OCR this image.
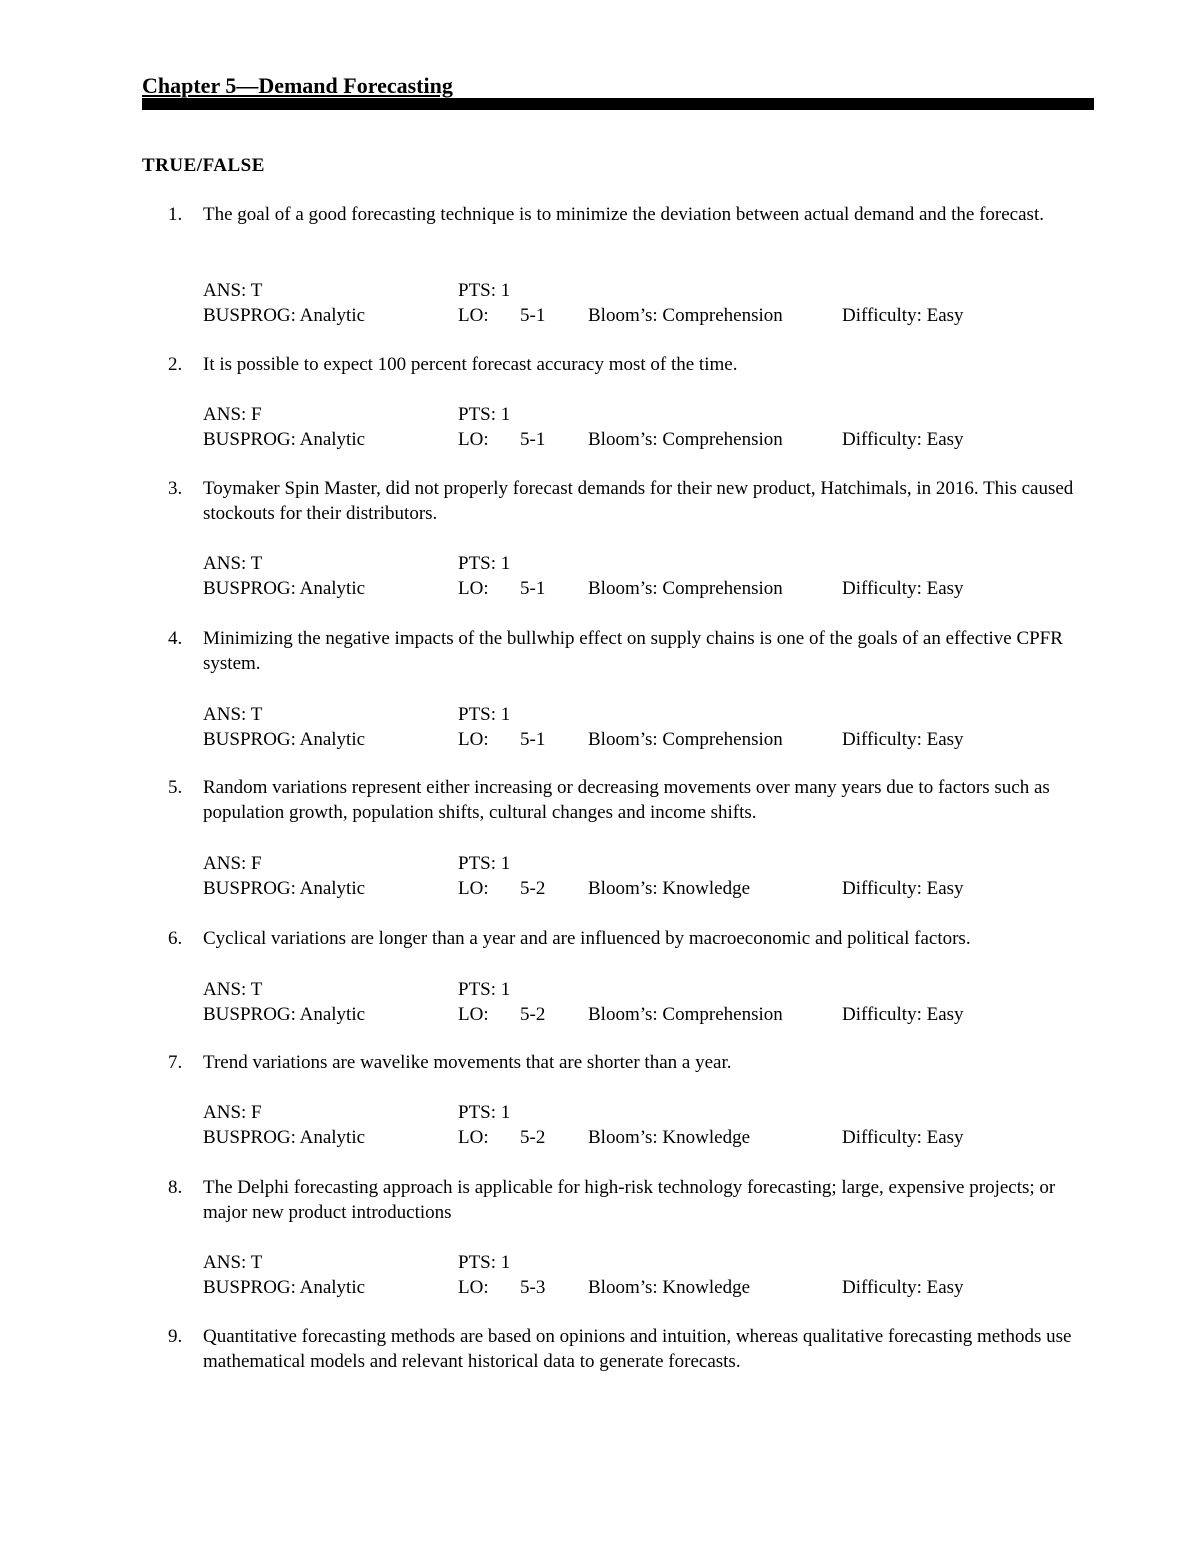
Chapter 5—Demand Forecasting
TRUE/FALSE
1. The goal of a good forecasting technique is to minimize the deviation between actual demand and the forecast.
ANS: T	PTS: 1
BUSPROG: Analytic	LO: 5-1 Bloom’s: Comprehension	Difficulty: Easy
2. It is possible to expect 100 percent forecast accuracy most of the time.
ANS: F	PTS: 1
BUSPROG: Analytic	LO: 5-1 Bloom’s: Comprehension	Difficulty: Easy
3. Toymaker Spin Master, did not properly forecast demands for their new product, Hatchimals, in 2016. This caused stockouts for their distributors.
ANS: T	PTS: 1
BUSPROG: Analytic	LO: 5-1 Bloom’s: Comprehension	Difficulty: Easy
4. Minimizing the negative impacts of the bullwhip effect on supply chains is one of the goals of an effective CPFR system.
ANS: T	PTS: 1
BUSPROG: Analytic	LO: 5-1 Bloom’s: Comprehension	Difficulty: Easy
5. Random variations represent either increasing or decreasing movements over many years due to factors such as population growth, population shifts, cultural changes and income shifts.
ANS: F	PTS: 1
BUSPROG: Analytic	LO: 5-2 Bloom’s: Knowledge	Difficulty: Easy
6. Cyclical variations are longer than a year and are influenced by macroeconomic and political factors.
ANS: T	PTS: 1
BUSPROG: Analytic	LO: 5-2 Bloom’s: Comprehension	Difficulty: Easy
7. Trend variations are wavelike movements that are shorter than a year.
ANS: F	PTS: 1
BUSPROG: Analytic	LO: 5-2 Bloom’s: Knowledge	Difficulty: Easy
8. The Delphi forecasting approach is applicable for high-risk technology forecasting; large, expensive projects; or major new product introductions
ANS: T	PTS: 1
BUSPROG: Analytic	LO: 5-3 Bloom’s: Knowledge	Difficulty: Easy
9. Quantitative forecasting methods are based on opinions and intuition, whereas qualitative forecasting methods use mathematical models and relevant historical data to generate forecasts.
